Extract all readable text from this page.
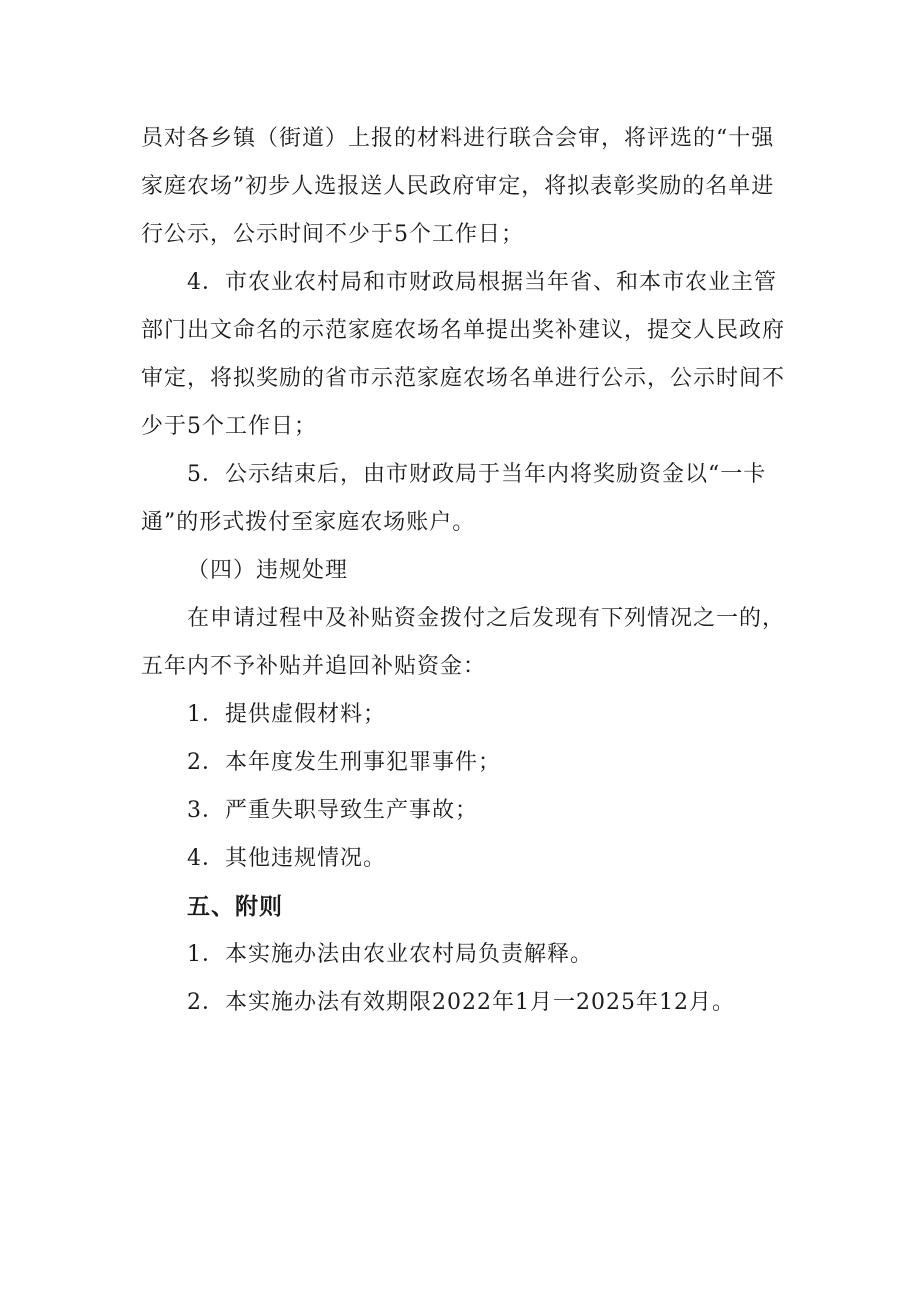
员对各乡镇（街道）上报的材料进行联合会审，将评选的“十强
家庭农场”初步人选报送人民政府审定，将拟表彰奖励的名单进
行公示，公示时间不少于5个工作日；
4．市农业农村局和市财政局根据当年省、和本市农业主管
部门出文命名的示范家庭农场名单提出奖补建议，提交人民政府
审定，将拟奖励的省市示范家庭农场名单进行公示，公示时间不
少于5个工作日；
5．公示结束后，由市财政局于当年内将奖励资金以“一卡
通”的形式拨付至家庭农场账户。
（四）违规处理
在申请过程中及补贴资金拨付之后发现有下列情况之一的，
五年内不予补贴并追回补贴资金：
1．提供虚假材料；
2．本年度发生刑事犯罪事件；
3．严重失职导致生产事故；
4．其他违规情况。
五、附则
1．本实施办法由农业农村局负责解释。
2．本实施办法有效期限2022年1月一2025年12月。
